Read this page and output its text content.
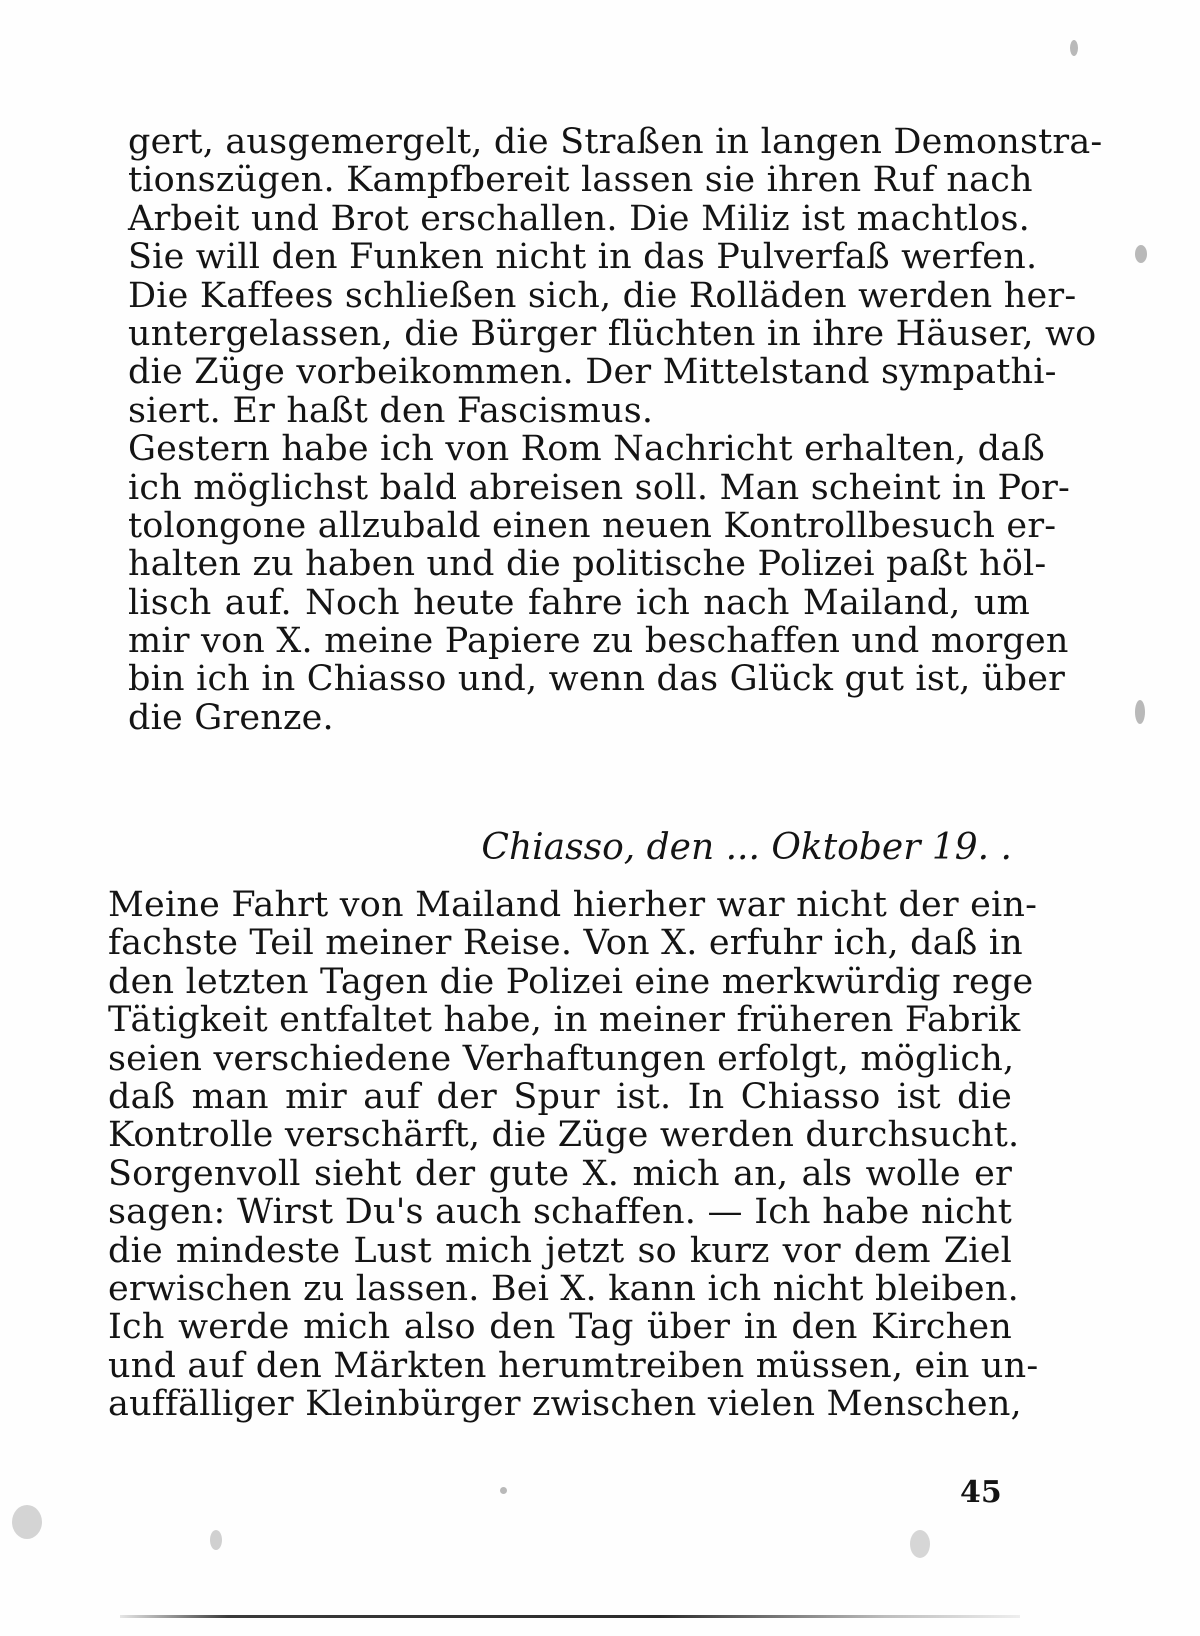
gert, ausgemergelt, die Straßen in langen Demonstra-
tionszügen. Kampfbereit lassen sie ihren Ruf nach
Arbeit und Brot erschallen. Die Miliz ist machtlos.
Sie will den Funken nicht in das Pulverfaß werfen.
Die Kaffees schließen sich, die Rolläden werden her-
untergelassen, die Bürger flüchten in ihre Häuser, wo
die Züge vorbeikommen. Der Mittelstand sympathi-
siert. Er haßt den Fascismus.
Gestern habe ich von Rom Nachricht erhalten, daß
ich möglichst bald abreisen soll. Man scheint in Por-
tolongone allzubald einen neuen Kontrollbesuch er-
halten zu haben und die politische Polizei paßt höl-
lisch auf. Noch heute fahre ich nach Mailand, um
mir von X. meine Papiere zu beschaffen und morgen
bin ich in Chiasso und, wenn das Glück gut ist, über
die Grenze.
Chiasso, den ... Oktober 19. .
Meine Fahrt von Mailand hierher war nicht der ein-
fachste Teil meiner Reise. Von X. erfuhr ich, daß in
den letzten Tagen die Polizei eine merkwürdig rege
Tätigkeit entfaltet habe, in meiner früheren Fabrik
seien verschiedene Verhaftungen erfolgt, möglich,
daß man mir auf der Spur ist. In Chiasso ist die
Kontrolle verschärft, die Züge werden durchsucht.
Sorgenvoll sieht der gute X. mich an, als wolle er
sagen: Wirst Du's auch schaffen. — Ich habe nicht
die mindeste Lust mich jetzt so kurz vor dem Ziel
erwischen zu lassen. Bei X. kann ich nicht bleiben.
Ich werde mich also den Tag über in den Kirchen
und auf den Märkten herumtreiben müssen, ein un-
auffälliger Kleinbürger zwischen vielen Menschen,
45
